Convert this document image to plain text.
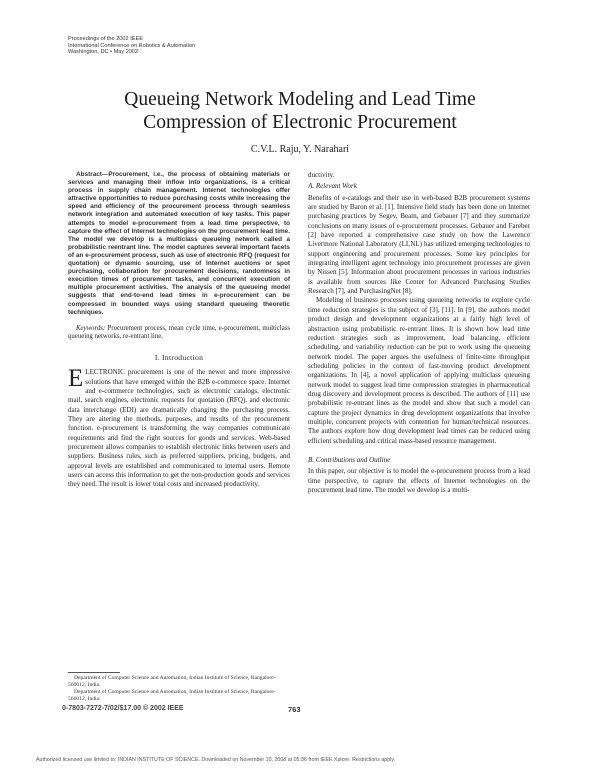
Proceedings of the 2002 IEEE
International Conference on Robotics & Automation
Washington, DC • May 2002
Queueing Network Modeling and Lead Time
Compression of Electronic Procurement
C.V.L. Raju, Y. Narahari

Abstract—Procurement, i.e., the process of obtaining materials or services and managing their inflow into organizations, is a critical process in supply chain management. Internet technologies offer attractive opportunities to reduce purchasing costs while increasing the speed and efficiency of the procurement process through seamless network integration and automated execution of key tasks. This paper attempts to model e-procurement from a lead time perspective, to capture the effect of Internet technologies on the procurement lead time. The model we develop is a multiclass queueing network called a probabilistic reentrant line. The model captures several important facets of an e-procurement process, such as use of electronic RFQ (request for quotation) or dynamic sourcing, use of Internet auctions or spot purchasing, collaboration for procurement decisions, randomness in execution times of procurement tasks, and concurrent execution of multiple procurement activities. The analysis of the queueing model suggests that end-to-end lead times in e-procurement can be compressed in bounded ways using standard queueing theoretic techniques.

Keywords: Procurement process, mean cycle time, e-procurement, multiclass queueing networks, re-entrant line.

I. Introduction

ELECTRONIC procurement is one of the newer and more impressive solutions that have emerged within the B2B e-commerce space. Internet and e-commerce technologies, such as electronic catalogs, electronic mail, search engines, electronic requests for quotation (RFQ), and electronic data interchange (EDI) are dramatically changing the purchasing process. They are altering the methods, purposes, and results of the procurement function. e-procurement is transforming the way companies communicate requirements and find the right sources for goods and services. Web-based procurement allows companies to establish electronic links between users and suppliers. Business rules, such as preferred suppliers, pricing, budgets, and approval levels are established and communicated to internal users. Remote users can access this information to get the non-production goods and services they need. The result is lower total costs and increased productivity.

Department of Computer Science and Automation, Indian Institute of Science, Bangalore-560012, India.

Department of Computer Science and Automation, Indian Institute of Science, Bangalore-560012, India.

ductivity.

A. Relevant Work

Benefits of e-catalogs and their use in web-based B2B procurement systems are studied by Baron et al. [1]. Intensive field study has been done on Internet purchasing practices by Segev, Beam, and Gebauer [7] and they summarize conclusions on many issues of e-procurement processes. Gebauer and Fareber [2] have reported a comprehensive case study on how the Lawrence Livermore National Laboratory (LLNL) has utilized emerging technologies to support engineering and procurement processes. Some key principles for integrating intelligent agent technology into procurement processes are given by Nissen [5]. Information about procurement processes in various industries is available from sources like Center for Advanced Purchasing Studies Research [7], and PurchasingNet [8].

Modeling of business processes using queueing networks to explore cycle time reduction strategies is the subject of [3], [11]. In [9], the authors model product design and development organizations at a fairly high level of abstraction using probabilistic re-entrant lines. It is shown how lead time reduction strategies such as improvement, load balancing, efficient scheduling, and variability reduction can be put to work using the queueing network model. The paper argues the usefulness of finite-time throughput scheduling policies in the context of fast-moving product development organizations. In [4], a novel application of applying multiclass queueing network model to suggest lead time compression strategies in pharmaceutical drug discovery and development process is described. The authors of [11] use probabilistic re-entrant lines as the model and show that such a model can capture the project dynamics in drug development organizations that involve multiple, concurrent projects with contention for human/technical resources. The authors explore how drug development lead times can be reduced using efficient scheduling and critical mass-based resource management.

B. Contributions and Outline

In this paper, our objective is to model the e-procurement process from a lead time perspective, to capture the effects of Internet technologies on the procurement lead time. The model we develop is a multi-

0-7803-7272-7/02/$17.00 © 2002 IEEE	763
Authorized licensed use limited to: INDIAN INSTITUTE OF SCIENCE. Downloaded on November 10, 2008 at 05:36 from IEEE Xplore. Restrictions apply.
